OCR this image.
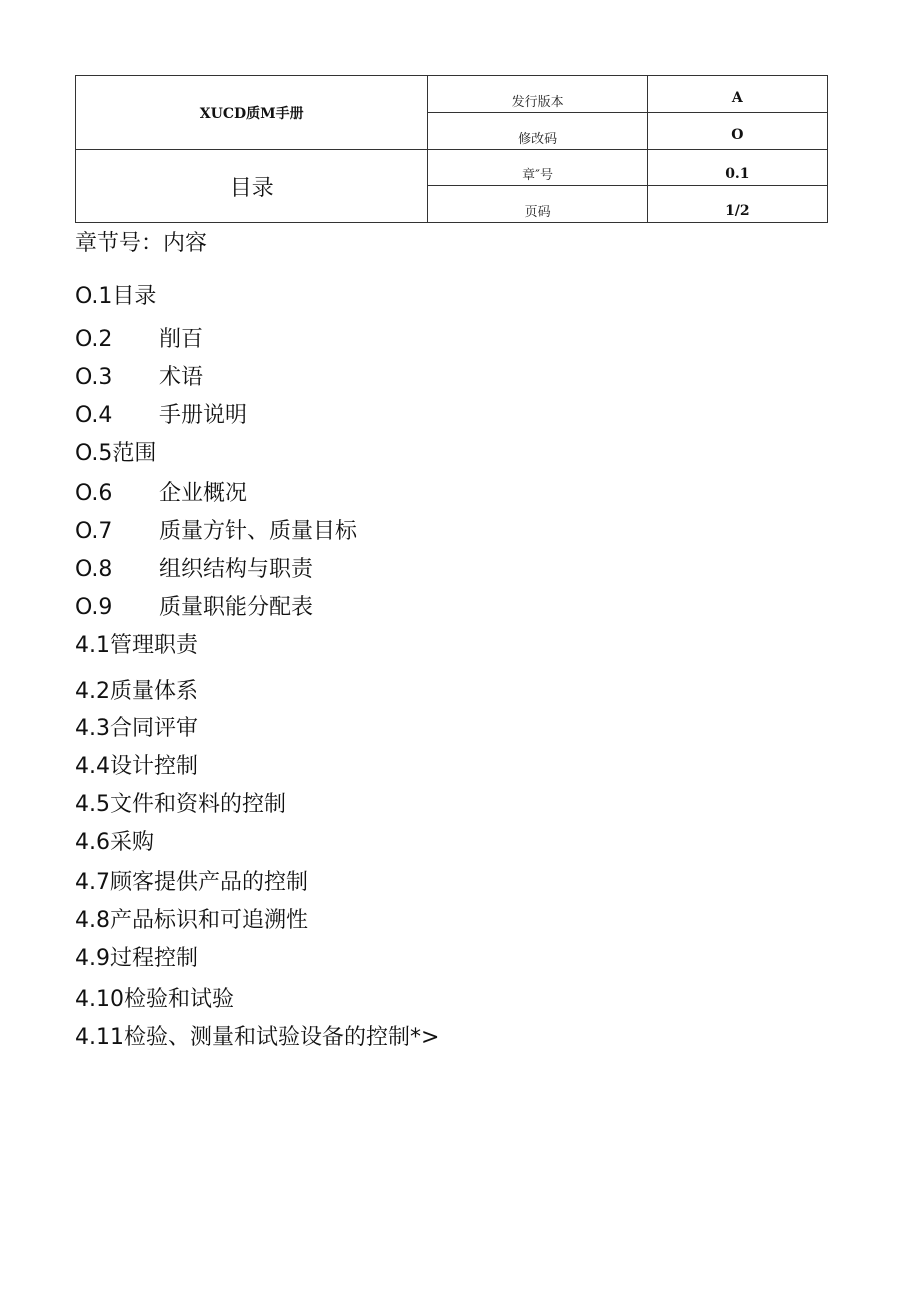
XUCD质M手册	发行版本	A
	修改码	O
目录	章″号	0.1
	页码	1/2
章节号：内容
O.1目录
O.2 削百
O.3 术语
O.4 手册说明
O.5范围
O.6 企业概况
O.7 质量方针、质量目标
O.8 组织结构与职责
O.9 质量职能分配表
4.1管理职责
4.2质量体系
4.3合同评审
4.4设计控制
4.5文件和资料的控制
4.6采购
4.7顾客提供产品的控制
4.8产品标识和可追溯性
4.9过程控制
4.10检验和试验
4.11检验、测量和试验设备的控制*>
